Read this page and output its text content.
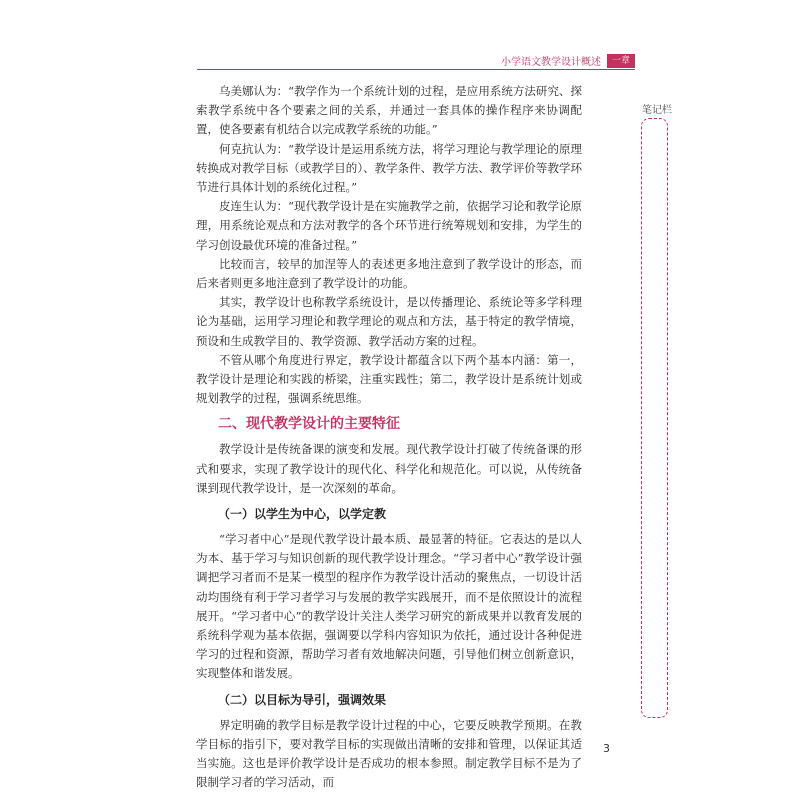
小学语文教学设计概述	一章
笔记栏

乌美娜认为：“教学作为一个系统计划的过程，是应用系统方法研究、探索教学系统中各个要素之间的关系，并通过一套具体的操作程序来协调配置，使各要素有机结合以完成教学系统的功能。”

何克抗认为：“教学设计是运用系统方法，将学习理论与教学理论的原理转换成对教学目标（或教学目的）、教学条件、教学方法、教学评价等教学环节进行具体计划的系统化过程。”

皮连生认为：“现代教学设计是在实施教学之前，依据学习论和教学论原理，用系统论观点和方法对教学的各个环节进行统筹规划和安排，为学生的学习创设最优环境的准备过程。”

比较而言，较早的加涅等人的表述更多地注意到了教学设计的形态，而后来者则更多地注意到了教学设计的功能。

其实，教学设计也称教学系统设计，是以传播理论、系统论等多学科理论为基础，运用学习理论和教学理论的观点和方法，基于特定的教学情境，预设和生成教学目的、教学资源、教学活动方案的过程。

不管从哪个角度进行界定，教学设计都蕴含以下两个基本内涵：第一，教学设计是理论和实践的桥梁，注重实践性；第二，教学设计是系统计划或规划教学的过程，强调系统思维。

二、现代教学设计的主要特征

教学设计是传统备课的演变和发展。现代教学设计打破了传统备课的形式和要求，实现了教学设计的现代化、科学化和规范化。可以说，从传统备课到现代教学设计，是一次深刻的革命。

（一）以学生为中心，以学定教

“学习者中心”是现代教学设计最本质、最显著的特征。它表达的是以人为本、基于学习与知识创新的现代教学设计理念。“学习者中心”教学设计强调把学习者而不是某一模型的程序作为教学设计活动的聚焦点，一切设计活动均围绕有利于学习者学习与发展的教学实践展开，而不是依照设计的流程展开。“学习者中心”的教学设计关注人类学习研究的新成果并以教育发展的系统科学观为基本依据，强调要以学科内容知识为依托，通过设计各种促进学习的过程和资源，帮助学习者有效地解决问题，引导他们树立创新意识，实现整体和谐发展。

（二）以目标为导引，强调效果

界定明确的教学目标是教学设计过程的中心，它要反映教学预期。在教学目标的指引下，要对教学目标的实现做出清晰的安排和管理，以保证其适当实施。这也是评价教学设计是否成功的根本参照。制定教学目标不是为了限制学习者的学习活动，而

3
